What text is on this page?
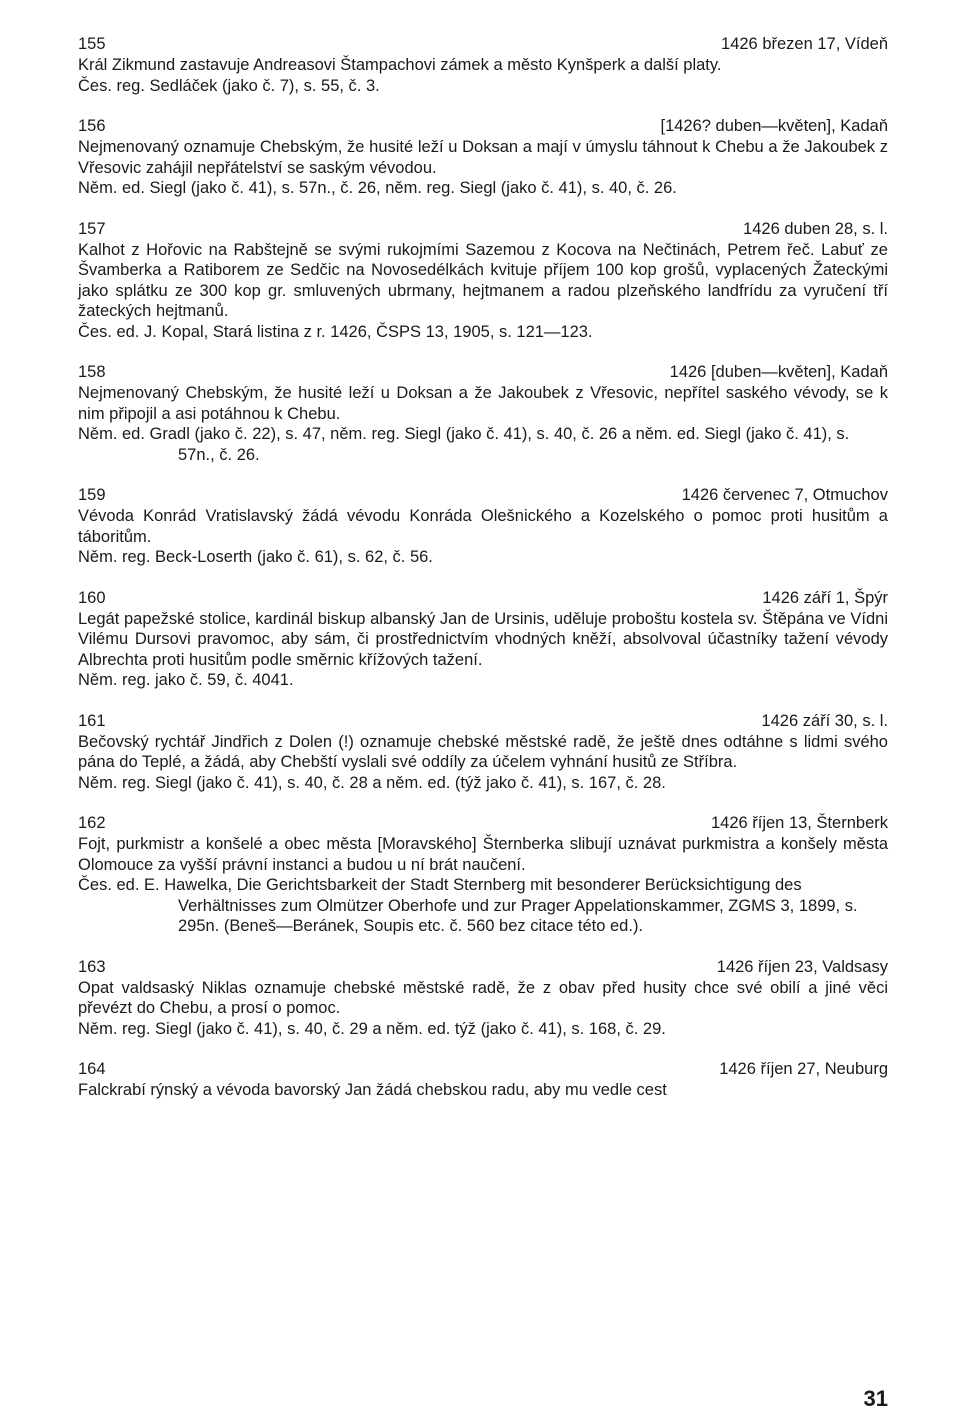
155	1426 březen 17, Vídeň

Král Zikmund zastavuje Andreasovi Štampachovi zámek a město Kynšperk a další platy.

Čes. reg. Sedláček (jako č. 7), s. 55, č. 3.

156	[1426? duben—květen], Kadaň

Nejmenovaný oznamuje Chebským, že husité leží u Doksan a mají v úmyslu táhnout k Chebu a že Jakoubek z Vřesovic zahájil nepřátelství se saským vévodou.

Něm. ed. Siegl (jako č. 41), s. 57n., č. 26, něm. reg. Siegl (jako č. 41), s. 40, č. 26.

157	1426 duben 28, s. l.

Kalhot z Hořovic na Rabštejně se svými rukojmími Sazemou z Kocova na Nečtinách, Petrem řeč. Labuť ze Švamberka a Ratiborem ze Sedčic na Novosedélkách kvituje příjem 100 kop grošů, vyplacených Žateckými jako splátku ze 300 kop gr. smluvených ubrmany, hejtmanem a radou plzeňského landfrídu za vyručení tří žateckých hejtmanů.

Čes. ed. J. Kopal, Stará listina z r. 1426, ČSPS 13, 1905, s. 121—123.

158	1426 [duben—květen], Kadaň

Nejmenovaný Chebským, že husité leží u Doksan a že Jakoubek z Vřesovic, nepřítel saského vévody, se k nim připojil a asi potáhnou k Chebu.

Něm. ed. Gradl (jako č. 22), s. 47, něm. reg. Siegl (jako č. 41), s. 40, č. 26 a něm. ed. Siegl (jako č. 41), s. 57n., č. 26.

159	1426 červenec 7, Otmuchov

Vévoda Konrád Vratislavský žádá vévodu Konráda Olešnického a Kozelského o pomoc proti husitům a táboritům.

Něm. reg. Beck-Loserth (jako č. 61), s. 62, č. 56.

160	1426 září 1, Špýr

Legát papežské stolice, kardinál biskup albanský Jan de Ursinis, uděluje proboštu kostela sv. Štěpána ve Vídni Vilému Dursovi pravomoc, aby sám, či prostřednictvím vhodných kněží, absolvoval účastníky tažení vévody Albrechta proti husitům podle směrnic křížových tažení.

Něm. reg. jako č. 59, č. 4041.

161	1426 září 30, s. l.

Bečovský rychtář Jindřich z Dolen (!) oznamuje chebské městské radě, že ještě dnes odtáhne s lidmi svého pána do Teplé, a žádá, aby Chebští vyslali své oddíly za účelem vyhnání husitů ze Stříbra.

Něm. reg. Siegl (jako č. 41), s. 40, č. 28 a něm. ed. (týž jako č. 41), s. 167, č. 28.

162	1426 říjen 13, Šternberk

Fojt, purkmistr a konšelé a obec města [Moravského] Šternberka slibují uznávat purkmistra a konšely města Olomouce za vyšší právní instanci a budou u ní brát naučení.

Čes. ed. E. Hawelka, Die Gerichtsbarkeit der Stadt Sternberg mit besonderer Berücksichtigung des Verhältnisses zum Olmützer Oberhofe und zur Prager Appelationskammer, ZGMS 3, 1899, s. 295n. (Beneš—Beránek, Soupis etc. č. 560 bez citace této ed.).

163	1426 říjen 23, Valdsasy

Opat valdsaský Niklas oznamuje chebské městské radě, že z obav před husity chce své obilí a jiné věci převézt do Chebu, a prosí o pomoc.

Něm. reg. Siegl (jako č. 41), s. 40, č. 29 a něm. ed. týž (jako č. 41), s. 168, č. 29.

164	1426 říjen 27, Neuburg

Falckrabí rýnský a vévoda bavorský Jan žádá chebskou radu, aby mu vedle cest

31
